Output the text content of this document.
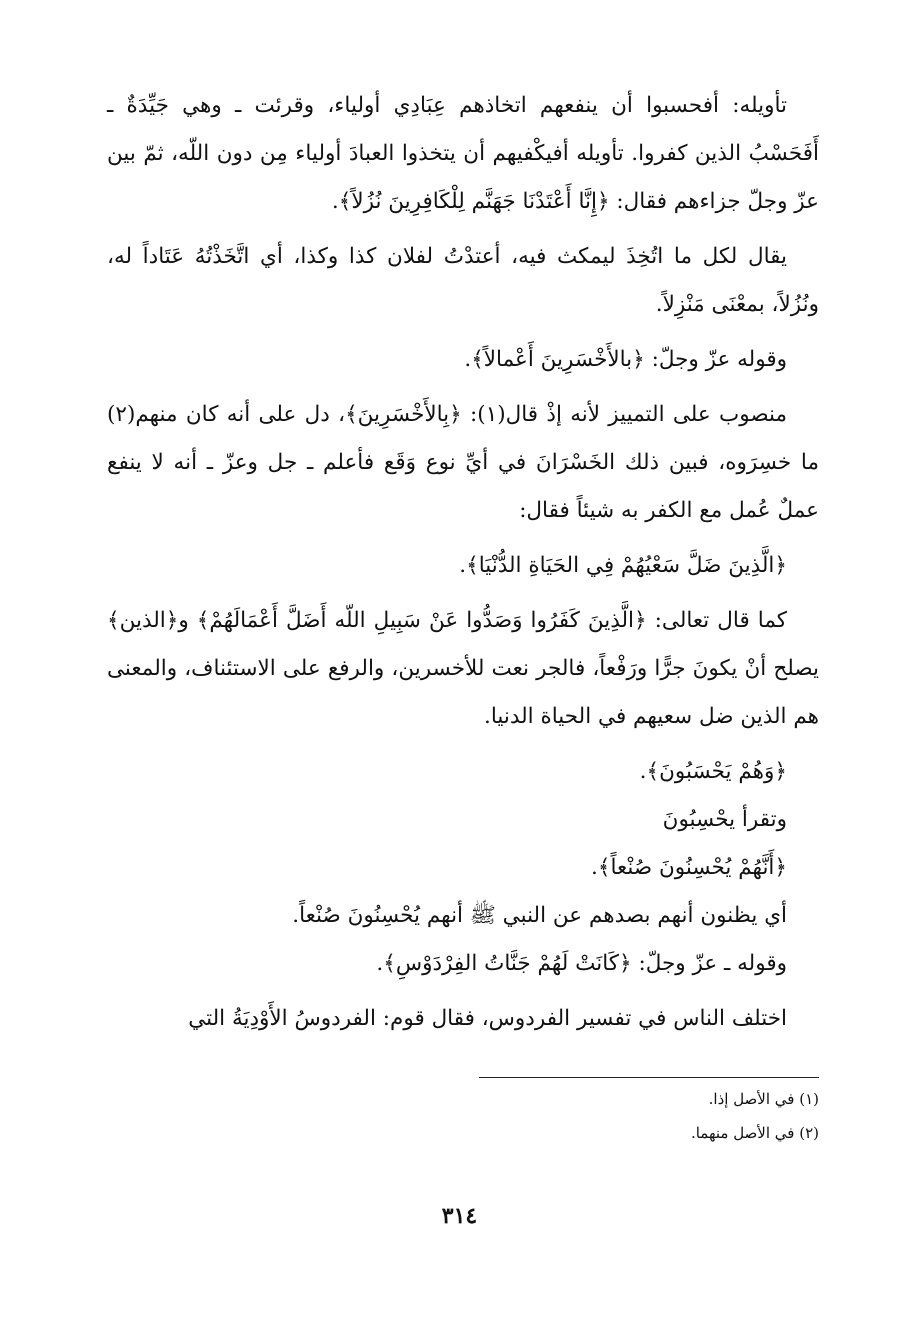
تأويله: أفحسبوا أن ينفعهم اتخاذهم عِبَادِي أولياء، وقرئت ـ وهي جَيِّدَةٌ ـ أَفَحَسْبُ الذين كفروا. تأويله أفيكْفيهم أن يتخذوا العبادَ أولياء مِن دون اللّه، ثمّ بين عزّ وجلّ جزاءهم فقال: ﴿إِنَّا أَعْتَدْنَا جَهَنَّم لِلْكَافِرِينَ نُزُلاً﴾.

يقال لكل ما اتُخِذَ ليمكث فيه، أعتدْتُ لفلان كذا وكذا، أي اتَّخَذْتُهُ عَتَاداً له، ونُزُلاً، بمعْنَى مَنْزِلاً.

وقوله عزّ وجلّ: ﴿بالأَخْسَرِينَ أَعْمالاً﴾.

منصوب على التمييز لأنه إذْ قال(١): ﴿بِالأَخْسَرِينَ﴾، دل على أنه كان منهم(٢) ما خسِرَوه، فبين ذلك الخَسْرَانَ في أيِّ نوع وَقَع فأعلم ـ جل وعزّ ـ أنه لا ينفع عملٌ عُمل مع الكفر به شيئاً فقال:

﴿الَّذِينَ ضَلَّ سَعْيُهُمْ فِي الحَيَاةِ الدُّنْيَا﴾.

كما قال تعالى: ﴿الَّذِينَ كَفَرُوا وَصَدُّوا عَنْ سَبِيلِ اللّه أَضَلَّ أَعْمَالَهُمْ﴾ و﴿الذين﴾ يصلح أنْ يكونَ جرًّا ورَفْعاً، فالجر نعت للأخسرين، والرفع على الاستئناف، والمعنى هم الذين ضل سعيهم في الحياة الدنيا.

﴿وَهُمْ يَحْسَبُونَ﴾.

وتقرأ يحْسِبُونَ

﴿أَنَّهُمْ يُحْسِنُونَ صُنْعاً﴾.

أي يظنون أنهم بصدهم عن النبي ﷺ أنهم يُحْسِنُونَ صُنْعاً.

وقوله ـ عزّ وجلّ: ﴿كَانَتْ لَهُمْ جَنَّاتُ الفِرْدَوْسِ﴾.

اختلف الناس في تفسير الفردوس، فقال قوم: الفردوسُ الأَوْدِيَةُ التي

(١) في الأصل إذا.

(٢) في الأصل منهما.

٣١٤
